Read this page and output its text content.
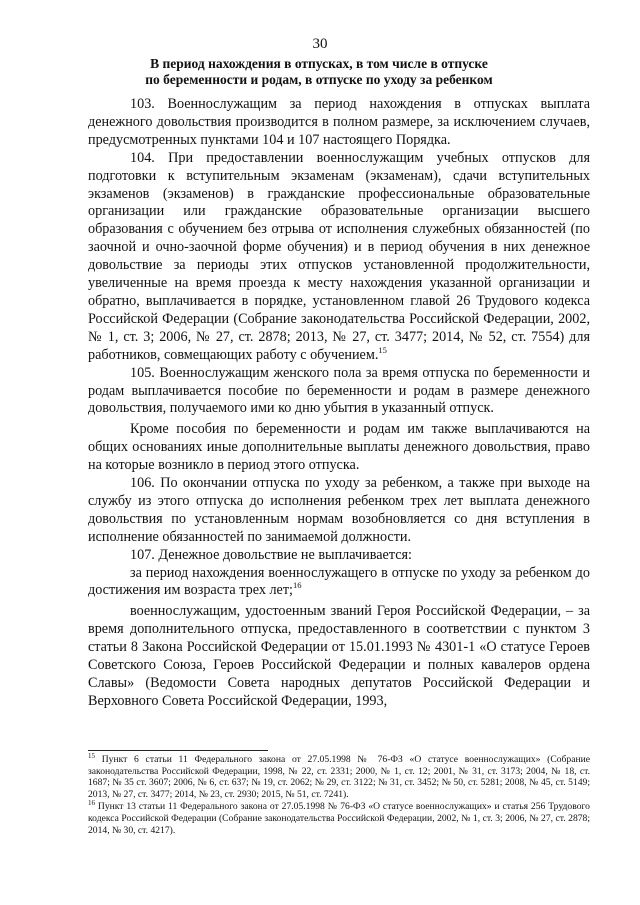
30
В период нахождения в отпусках, в том числе в отпуске
по беременности и родам, в отпуске по уходу за ребенком

103. Военнослужащим за период нахождения в отпусках выплата денежного довольствия производится в полном размере, за исключением случаев, предусмотренных пунктами 104 и 107 настоящего Порядка.

104. При предоставлении военнослужащим учебных отпусков для подготовки к вступительным экзаменам (экзаменам), сдачи вступительных экзаменов (экзаменов) в гражданские профессиональные образовательные организации или гражданские образовательные организации высшего образования с обучением без отрыва от исполнения служебных обязанностей (по заочной и очно-заочной форме обучения) и в период обучения в них денежное довольствие за периоды этих отпусков установленной продолжительности, увеличенные на время проезда к месту нахождения указанной организации и обратно, выплачивается в порядке, установленном главой 26 Трудового кодекса Российской Федерации (Собрание законодательства Российской Федерации, 2002, № 1, ст. 3; 2006, № 27, ст. 2878; 2013, № 27, ст. 3477; 2014, № 52, ст. 7554) для работников, совмещающих работу с обучением.$^{15}$

105. Военнослужащим женского пола за время отпуска по беременности и родам выплачивается пособие по беременности и родам в размере денежного довольствия, получаемого ими ко дню убытия в указанный отпуск.

Кроме пособия по беременности и родам им также выплачиваются на общих основаниях иные дополнительные выплаты денежного довольствия, право на которые возникло в период этого отпуска.

106. По окончании отпуска по уходу за ребенком, а также при выходе на службу из этого отпуска до исполнения ребенком трех лет выплата денежного довольствия по установленным нормам возобновляется со дня вступления в исполнение обязанностей по занимаемой должности.

107. Денежное довольствие не выплачивается:

за период нахождения военнослужащего в отпуске по уходу за ребенком до достижения им возраста трех лет;$^{16}$

военнослужащим, удостоенным званий Героя Российской Федерации, – за время дополнительного отпуска, предоставленного в соответствии с пунктом 3 статьи 8 Закона Российской Федерации от 15.01.1993 № 4301-1 «О статусе Героев Советского Союза, Героев Российской Федерации и полных кавалеров ордена Славы» (Ведомости Совета народных депутатов Российской Федерации и Верховного Совета Российской Федерации, 1993,

$^{15}$ Пункт 6 статьи 11 Федерального закона от 27.05.1998 № 76-ФЗ «О статусе военнослужащих» (Собрание законодательства Российской Федерации, 1998, № 22, ст. 2331; 2000, № 1, ст. 12; 2001, № 31, ст. 3173; 2004, № 18, ст. 1687; № 35 ст. 3607; 2006, № 6, ст. 637; № 19, ст. 2062; № 29, ст. 3122; № 31, ст. 3452; № 50, ст. 5281; 2008, № 45, ст. 5149; 2013, № 27, ст. 3477; 2014, № 23, ст. 2930; 2015, № 51, ст. 7241).

$^{16}$ Пункт 13 статьи 11 Федерального закона от 27.05.1998 № 76-ФЗ «О статусе военнослужащих» и статья 256 Трудового кодекса Российской Федерации (Собрание законодательства Российской Федерации, 2002, № 1, ст. 3; 2006, № 27, ст. 2878; 2014, № 30, ст. 4217).
